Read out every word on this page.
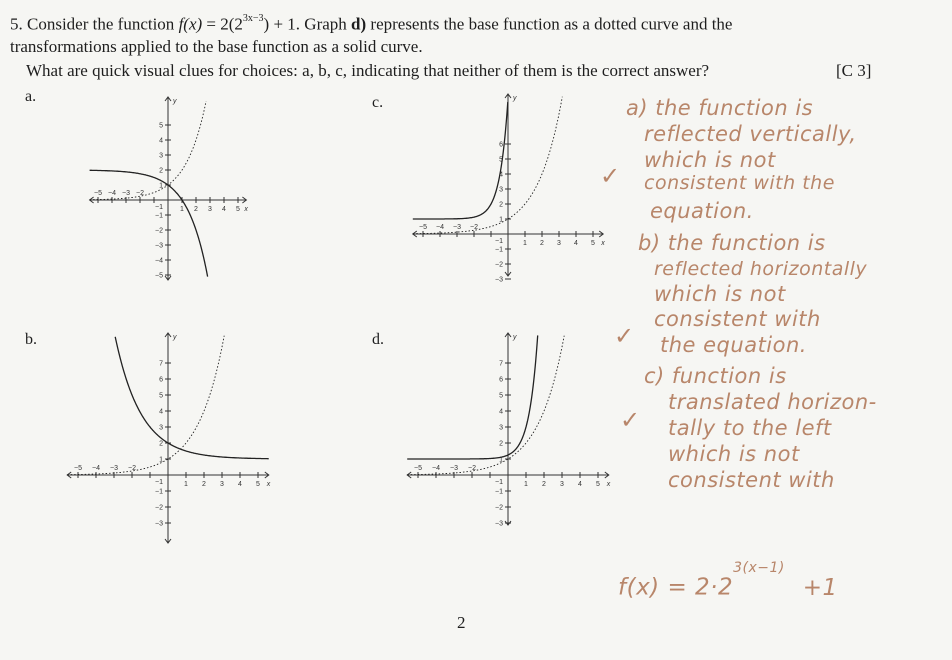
5. Consider the function $f(x) = 2(2^{3x-3}) + 1$. Graph d) represents the base function as a dotted curve and the
transformations applied to the base function as a solid curve.
What are quick visual clues for choices: a, b, c, indicating that neither of them is the correct answer?	[C 3]
a.	c.
b.	d.
−5 −4 −3 −2
1 2 3 4 5 x
−5
−4
−3
−2
−1
1
2
3
4
5
−1
y
−5 −4 −3 −2
1 2 3 4 5 x
−3
−2
−1
1
2
3
4
5
6
−1
y
−5 −4 −3 −2
1 2 3 4 5 x
−3
−2
−1
1
2
3
4
5
6
7
−1
y
−5 −4 −3 −2
1 2 3 4 5 x
−3
−2
−1
1
2
3
4
5
6
7
−1
y
a) the function is
reflected vertically,
which is not
consistent with the
equation.
b) the function is
reflected horizontally
which is not
consistent with
the equation.
c) function is
translated horizon-
tally to the left
which is not
consistent with
✓
✓
✓
$f(x) = 2\cdot 2^{3(x-1)} +1$
2
